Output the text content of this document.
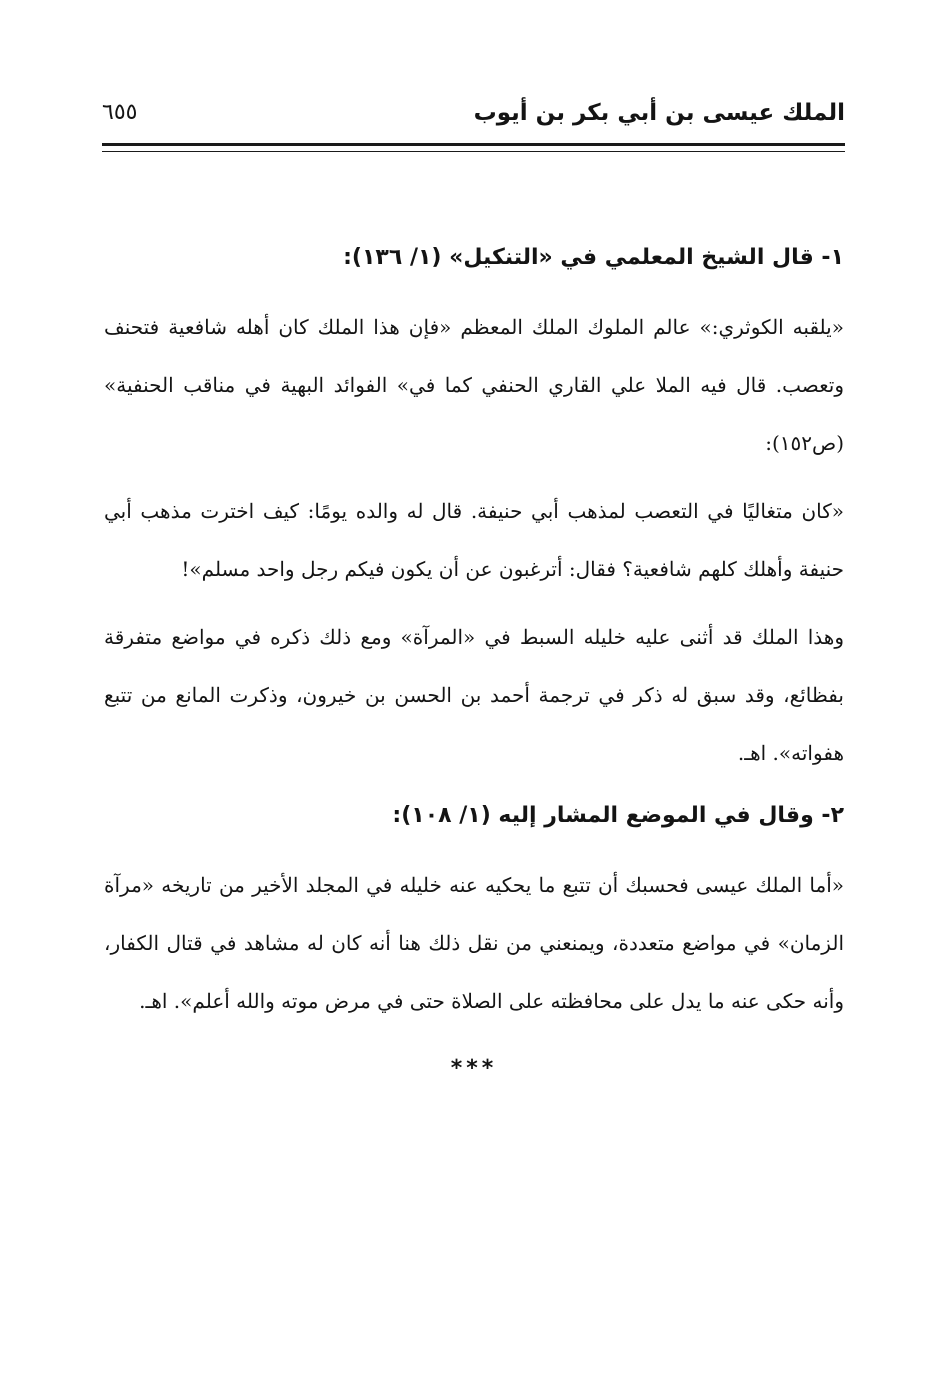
الملك عيسى بن أبي بكر بن أيوب
٦٥٥
١- قال الشيخ المعلمي في «التنكيل» (١/ ١٣٦):

«يلقبه الكوثري:» عالم الملوك الملك المعظم «فإن هذا الملك كان أهله شافعية فتحنف وتعصب. قال فيه الملا علي القاري الحنفي كما في» الفوائد البهية في مناقب الحنفية» (ص١٥٢):

«كان متغاليًا في التعصب لمذهب أبي حنيفة. قال له والده يومًا: كيف اخترت مذهب أبي حنيفة وأهلك كلهم شافعية؟ فقال: أترغبون عن أن يكون فيكم رجل واحد مسلم»!

وهذا الملك قد أثنى عليه خليله السبط في «المرآة» ومع ذلك ذكره في مواضع متفرقة بفظائع، وقد سبق له ذكر في ترجمة أحمد بن الحسن بن خيرون، وذكرت المانع من تتبع هفواته». اهـ.

٢- وقال في الموضع المشار إليه (١/ ١٠٨):

«أما الملك عيسى فحسبك أن تتبع ما يحكيه عنه خليله في المجلد الأخير من تاريخه «مرآة الزمان» في مواضع متعددة، ويمنعني من نقل ذلك هنا أنه كان له مشاهد في قتال الكفار، وأنه حكى عنه ما يدل على محافظته على الصلاة حتى في مرض موته والله أعلم». اهـ.

***
